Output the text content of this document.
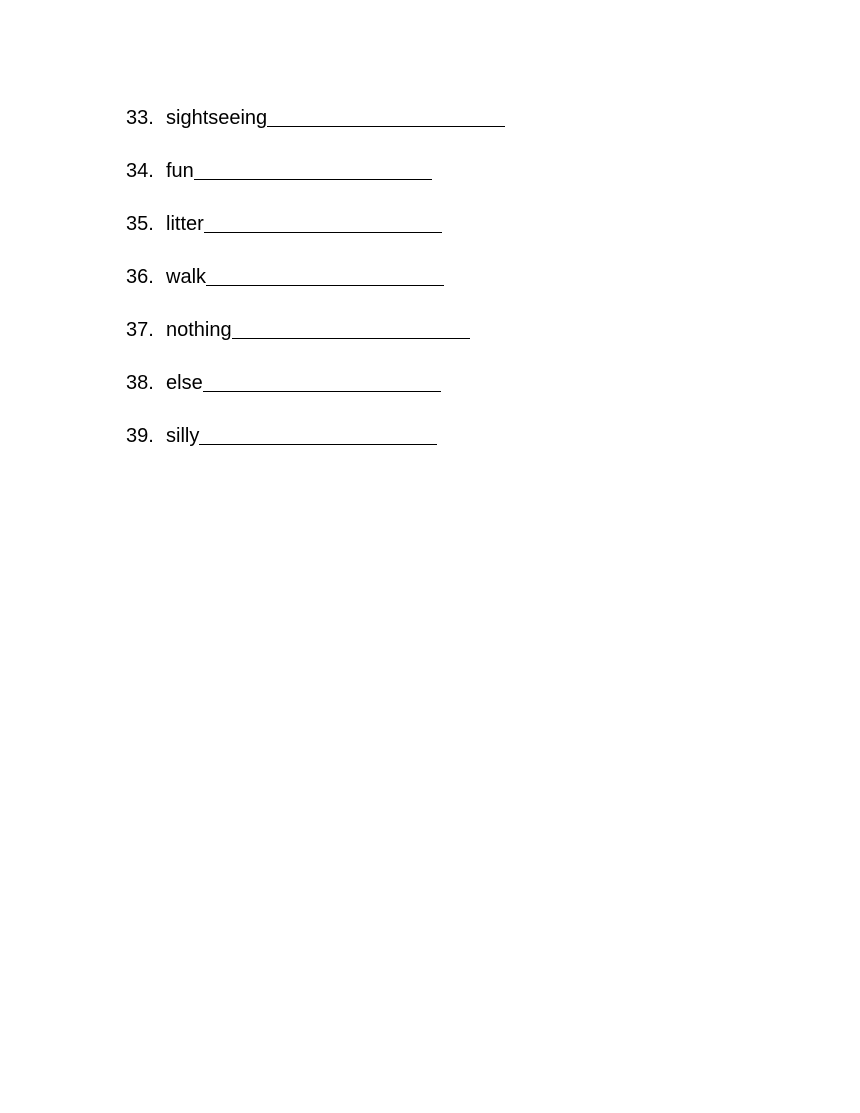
33. sightseeing
34. fun
35. litter
36. walk
37. nothing
38. else
39. silly
